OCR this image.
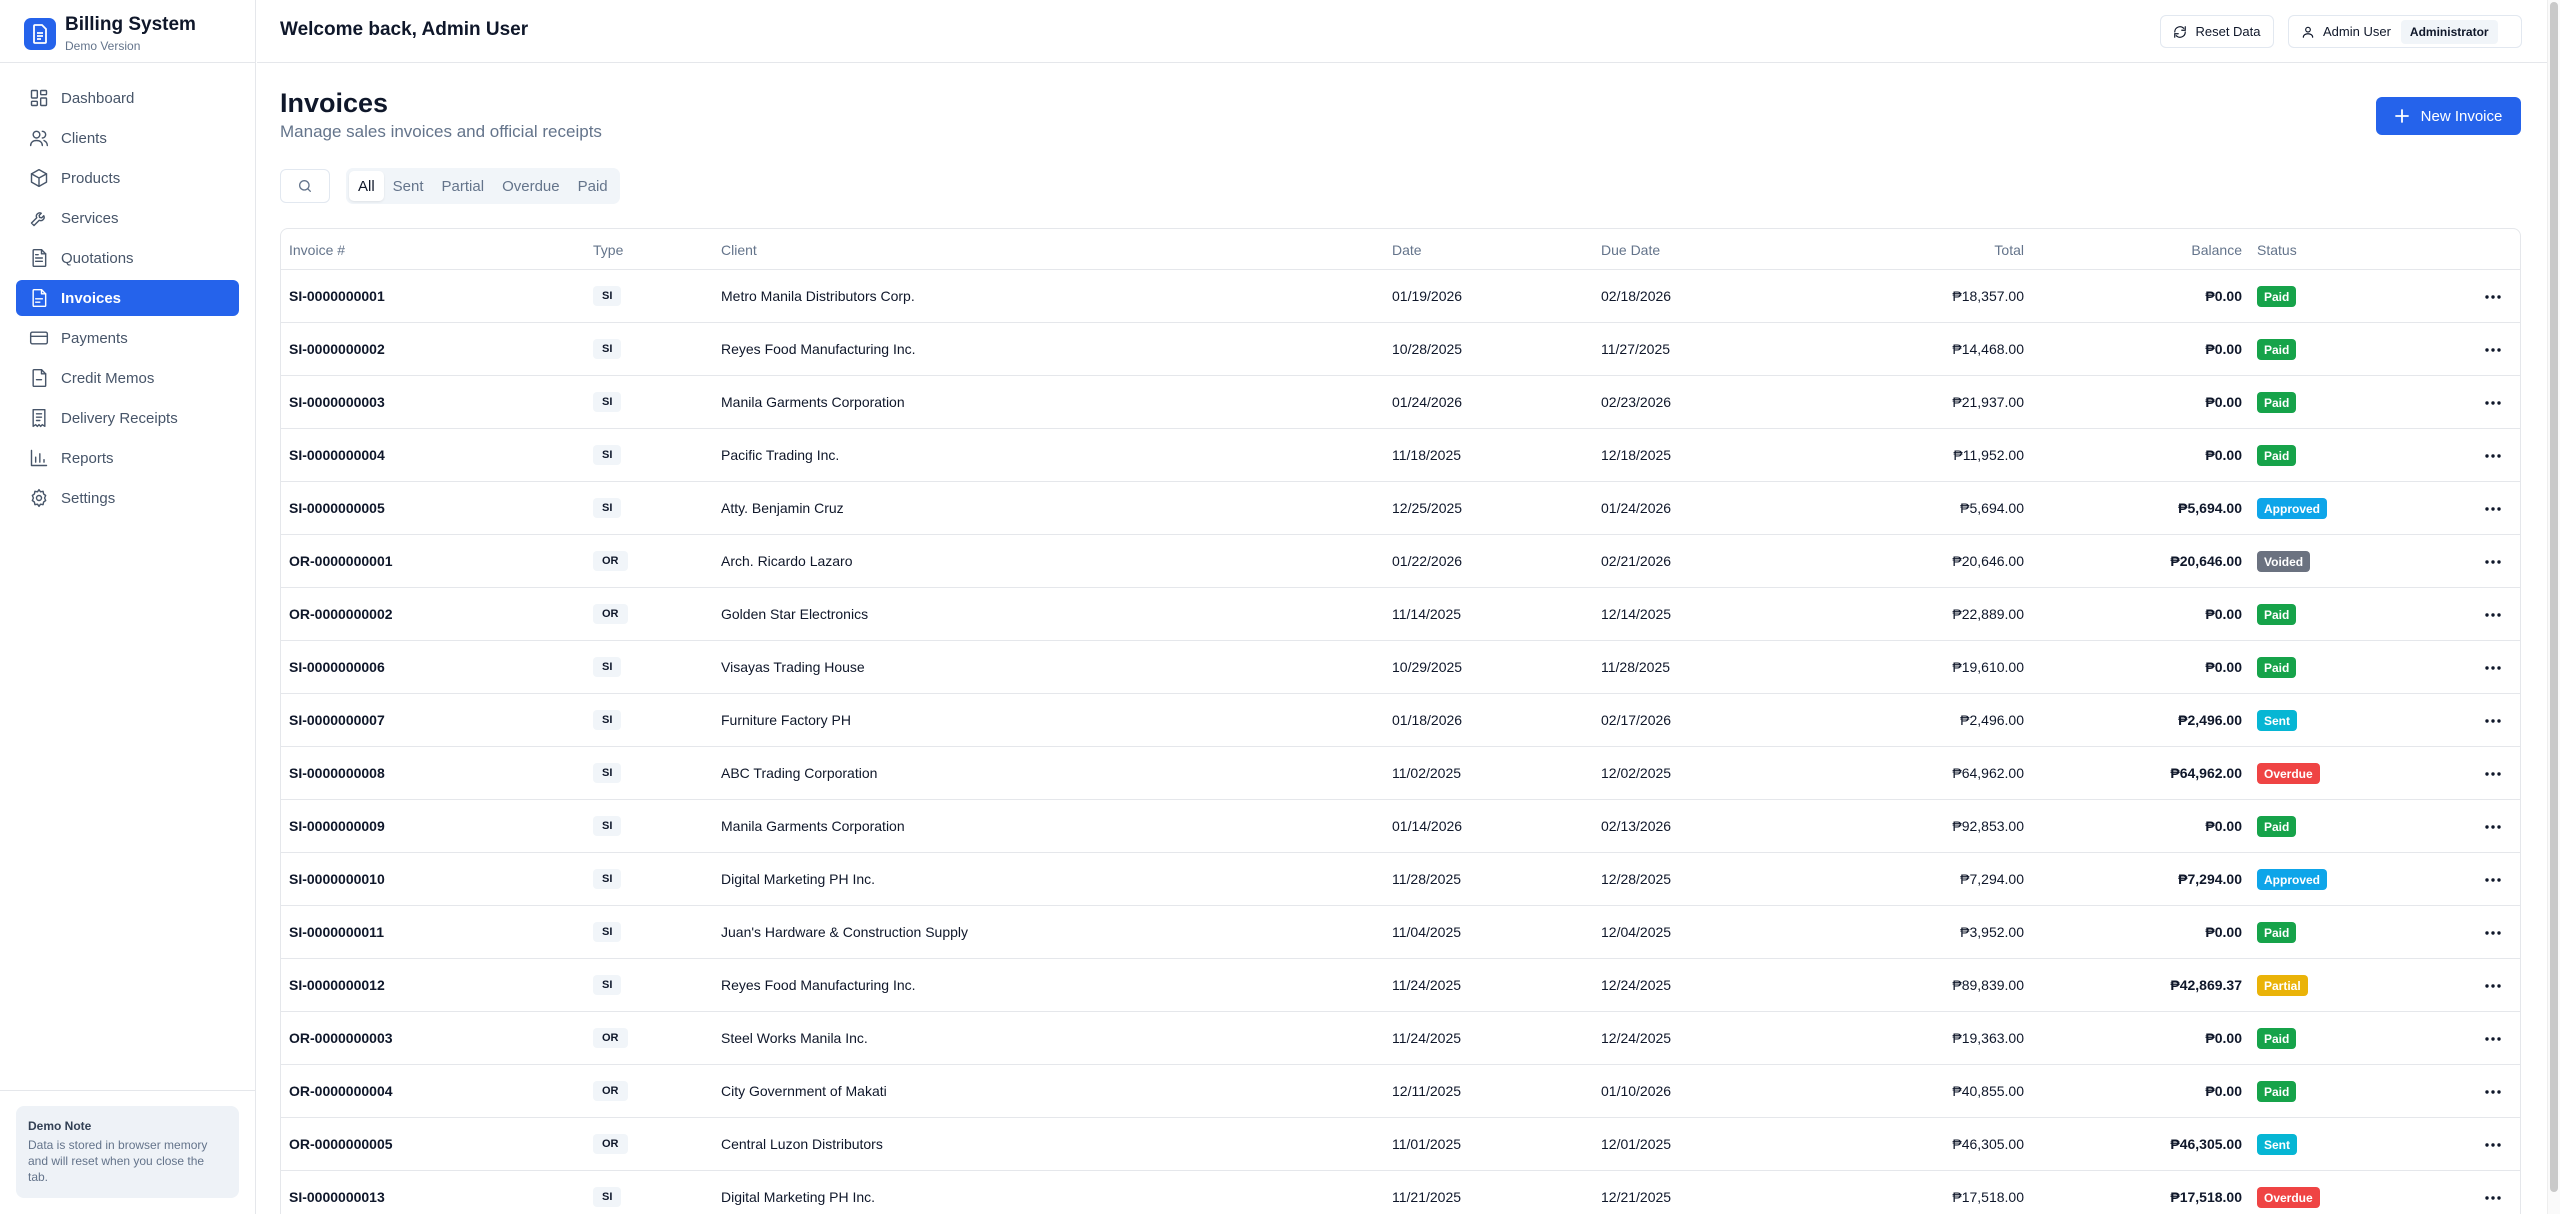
Billing System
Demo Version
Dashboard
Clients
Products
Services
Quotations
Invoices
Payments
Credit Memos
Delivery Receipts
Reports
Settings
Demo Note
Data is stored in browser memory and will reset when you close the tab.
Welcome back, Admin User	Reset Data	Admin User	Administrator
Invoices
Manage sales invoices and official receipts
New Invoice
All	Sent	Partial	Overdue	Paid
Invoice #	Type	Client	Date	Due Date	Total	Balance Status
SI-0000000001	SI	Metro Manila Distributors Corp.	01/19/2026	02/18/2026	₱18,357.00	₱0.00	Paid
SI-0000000002	SI	Reyes Food Manufacturing Inc.	10/28/2025	11/27/2025	₱14,468.00	₱0.00	Paid
SI-0000000003	SI	Manila Garments Corporation	01/24/2026	02/23/2026	₱21,937.00	₱0.00	Paid
SI-0000000004	SI	Pacific Trading Inc.	11/18/2025	12/18/2025	₱11,952.00	₱0.00	Paid
SI-0000000005	SI	Atty. Benjamin Cruz	12/25/2025	01/24/2026	₱5,694.00	₱5,694.00	Approved
OR-0000000001	OR	Arch. Ricardo Lazaro	01/22/2026	02/21/2026	₱20,646.00	₱20,646.00	Voided
OR-0000000002	OR	Golden Star Electronics	11/14/2025	12/14/2025	₱22,889.00	₱0.00	Paid
SI-0000000006	SI	Visayas Trading House	10/29/2025	11/28/2025	₱19,610.00	₱0.00	Paid
SI-0000000007	SI	Furniture Factory PH	01/18/2026	02/17/2026	₱2,496.00	₱2,496.00	Sent
SI-0000000008	SI	ABC Trading Corporation	11/02/2025	12/02/2025	₱64,962.00	₱64,962.00	Overdue
SI-0000000009	SI	Manila Garments Corporation	01/14/2026	02/13/2026	₱92,853.00	₱0.00	Paid
SI-0000000010	SI	Digital Marketing PH Inc.	11/28/2025	12/28/2025	₱7,294.00	₱7,294.00	Approved
SI-0000000011	SI	Juan's Hardware & Construction Supply	11/04/2025	12/04/2025	₱3,952.00	₱0.00	Paid
SI-0000000012	SI	Reyes Food Manufacturing Inc.	11/24/2025	12/24/2025	₱89,839.00	₱42,869.37	Partial
OR-0000000003	OR	Steel Works Manila Inc.	11/24/2025	12/24/2025	₱19,363.00	₱0.00	Paid
OR-0000000004	OR	City Government of Makati	12/11/2025	01/10/2026	₱40,855.00	₱0.00	Paid
OR-0000000005	OR	Central Luzon Distributors	11/01/2025	12/01/2025	₱46,305.00	₱46,305.00	Sent
SI-0000000013	SI	Digital Marketing PH Inc.	11/21/2025	12/21/2025	₱17,518.00	₱17,518.00	Overdue
